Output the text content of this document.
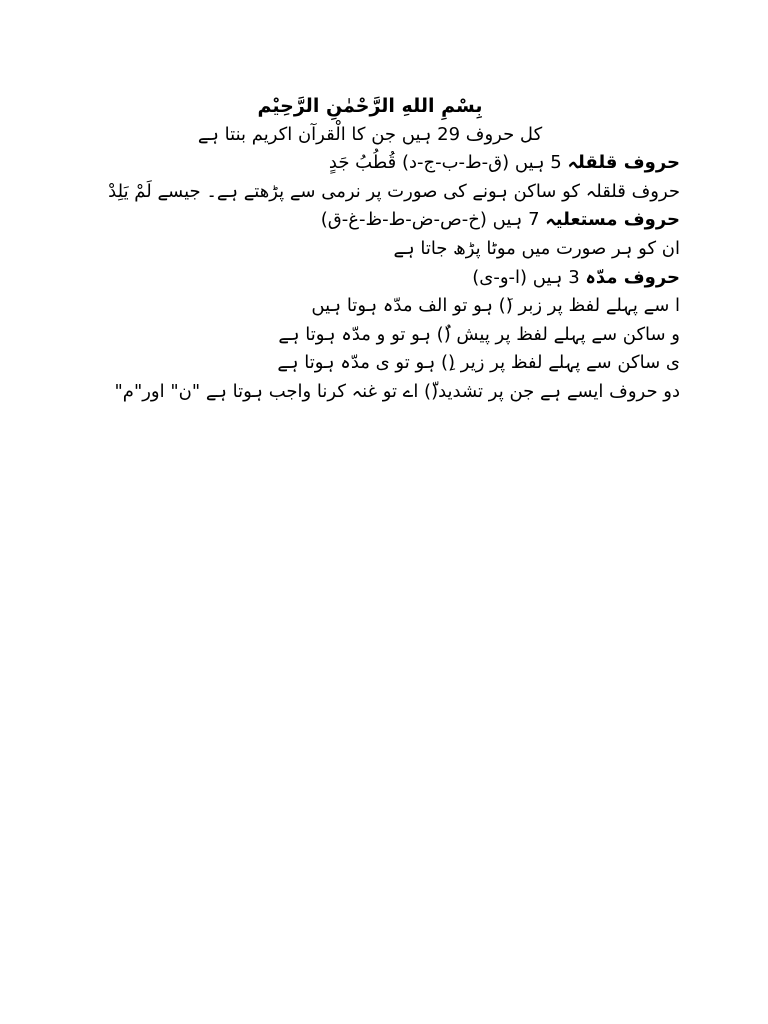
بِسْمِ اللهِ الرَّحْمٰنِ الرَّحِيْم

کل حروف 29 ہیں جن کا الْقرآن اکریم بنتا ہے

حروف قلقلہ 5 ہیں (ق-ط-ب-ج-د) قُطُبُ جَدٍ

حروف قلقلہ کو ساکن ہونے کی صورت پر نرمی سے پڑھتے ہے۔ جیسے لَمْ یَلِدْ

حروف مستعلیہ 7 ہیں (خ-ص-ض-ط-ظ-غ-ق)

ان کو ہر صورت میں موٹا پڑھ جاتا ہے

حروف مدّہ 3 ہیں (ا-و-ی)

ا سے پہلے لفظ پر زبر (َ) ہو تو الف مدّہ ہوتا ہیں

و ساکن سے پہلے لفظ پر پیش (ُ) ہو تو و مدّہ ہوتا ہے

ی ساکن سے پہلے لفظ پر زیر (ِ) ہو تو ی مدّہ ہوتا ہے

دو حروف ایسے ہے جن پر تشدید(ّ) اے تو غنہ کرنا واجب ہوتا ہے "ن" اور"م"
